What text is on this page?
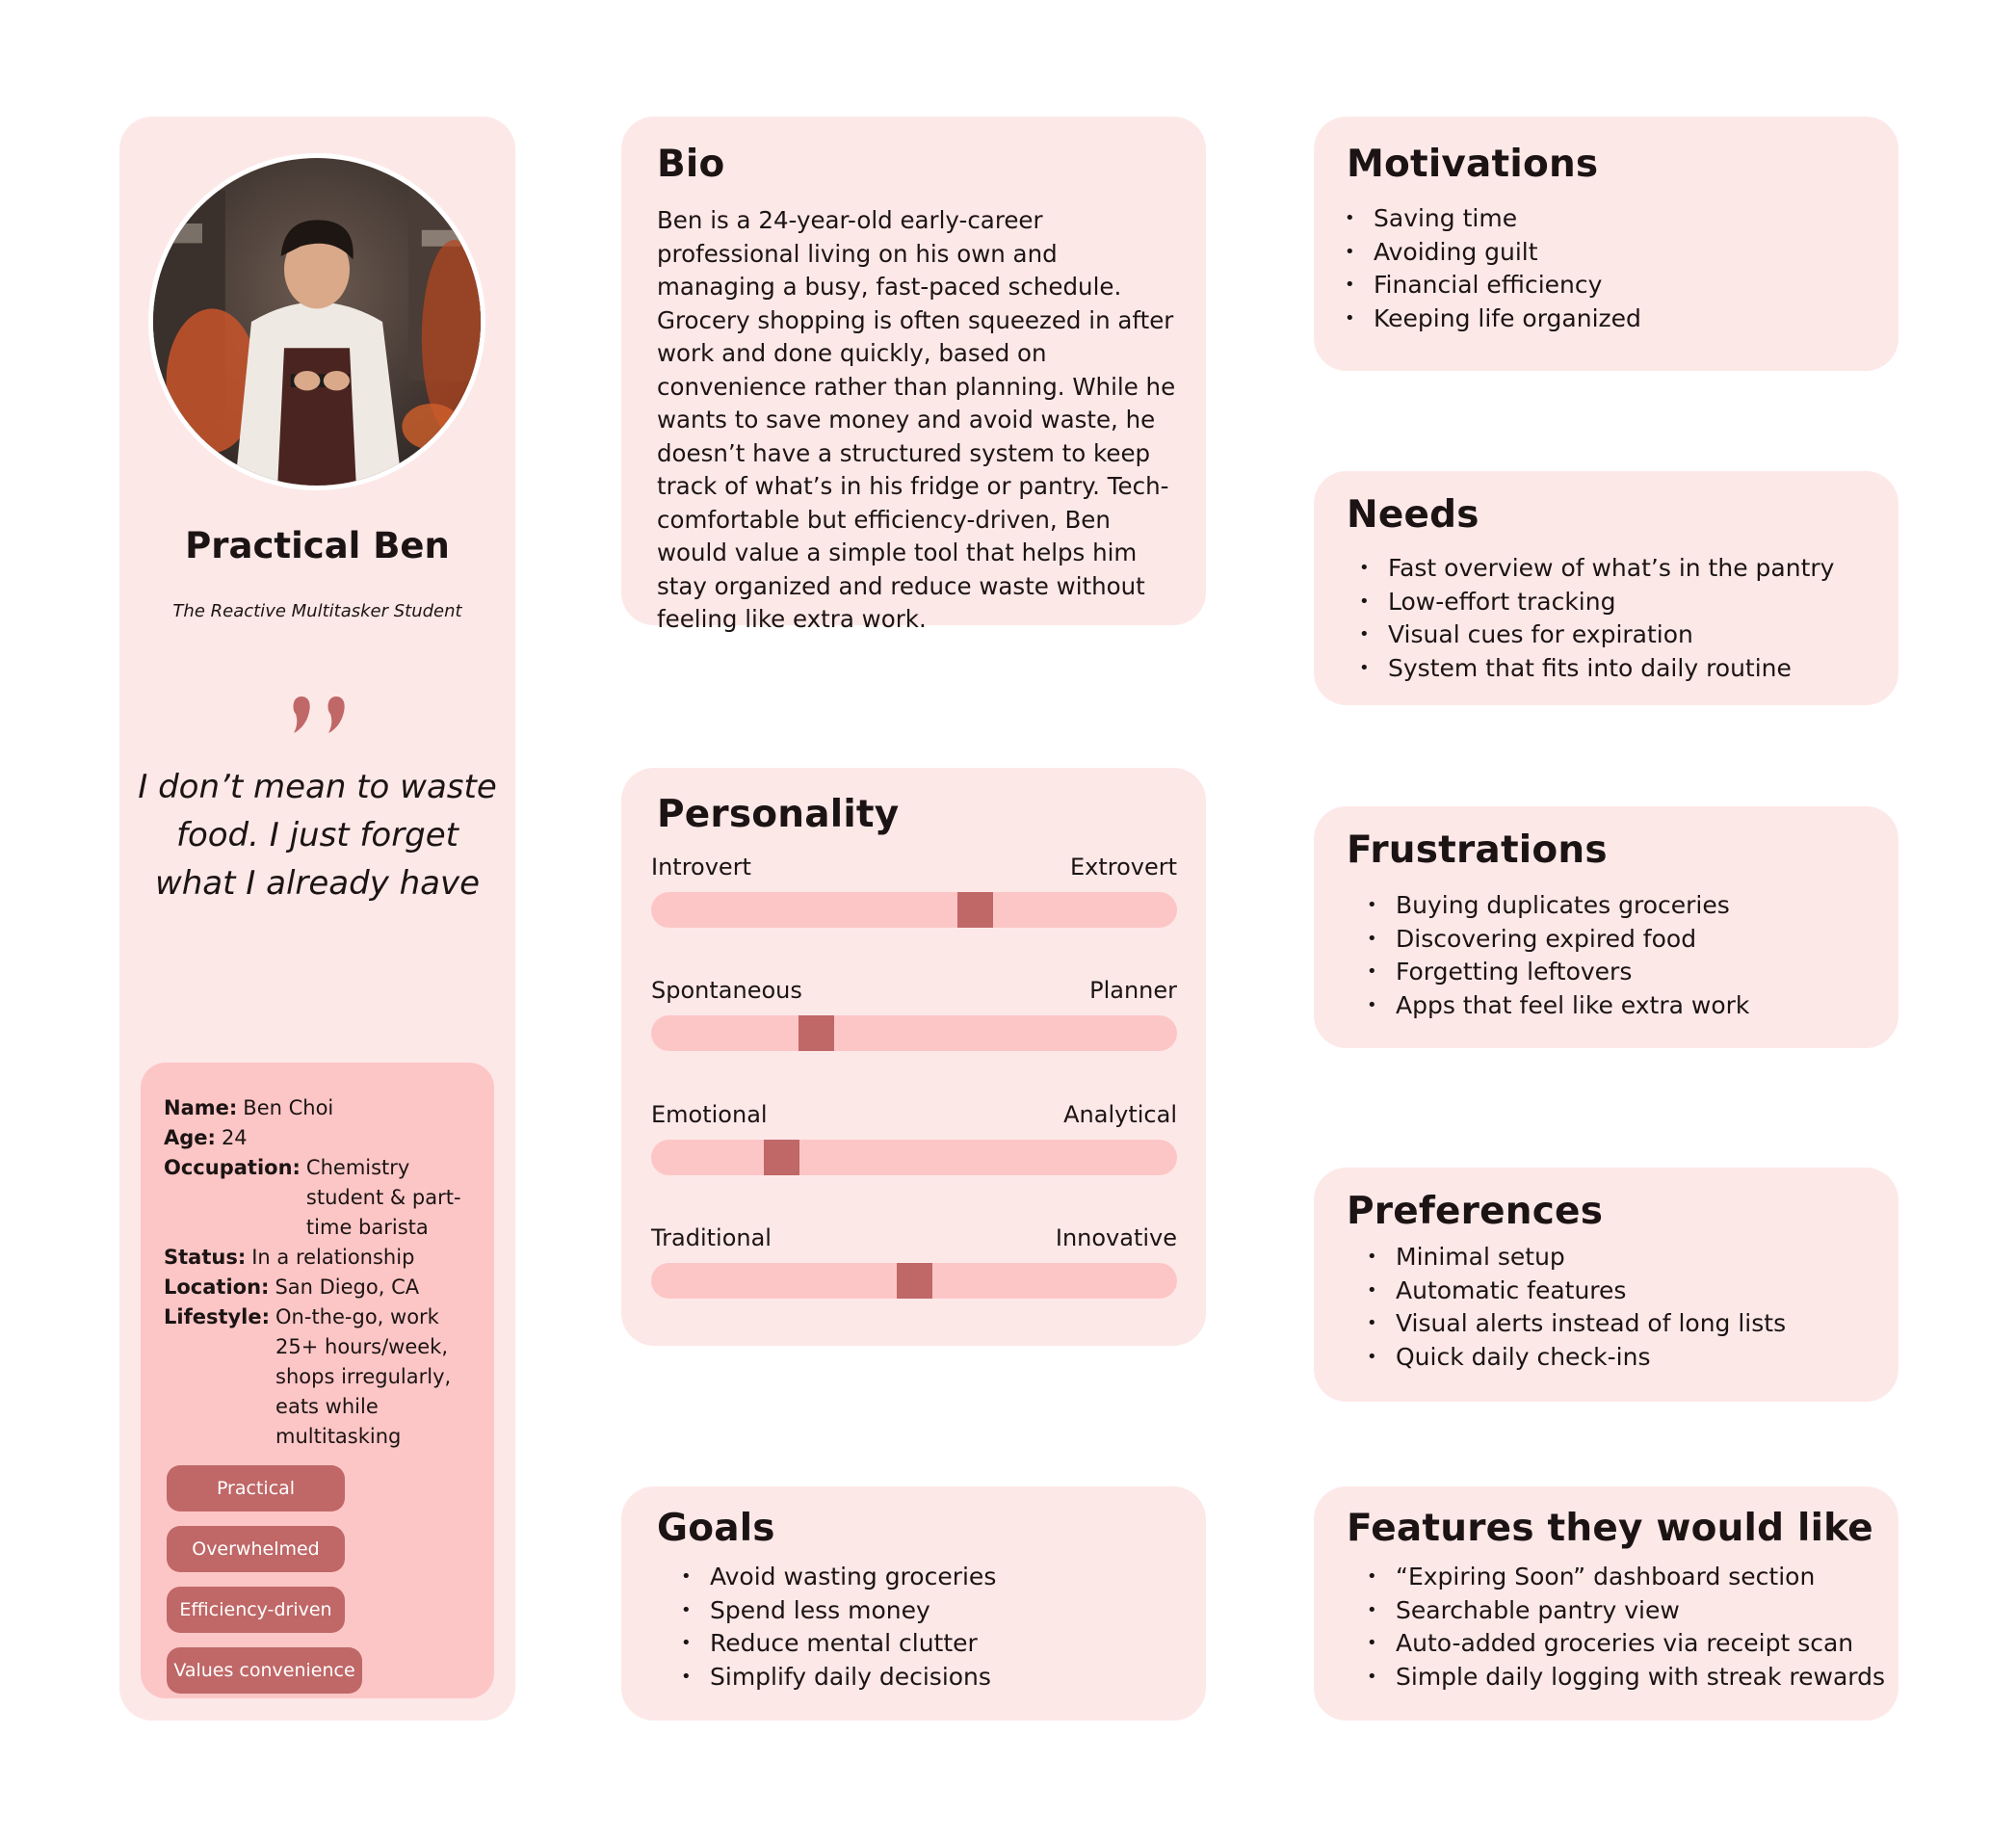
Practical Ben
The Reactive Multitasker Student
I don’t mean to waste food. I just forget what I already have
Name: Ben Choi
Age: 24
Occupation: Chemistry student & part-time barista
Status: In a relationship
Location: San Diego, CA
Lifestyle: On-the-go, work 25+ hours/week, shops irregularly, eats while multitasking
Practical
Overwhelmed
Efficiency-driven
Values convenience
Bio

Ben is a 24-year-old early-career professional living on his own and managing a busy, fast-paced schedule. Grocery shopping is often squeezed in after work and done quickly, based on convenience rather than planning. While he wants to save money and avoid waste, he doesn’t have a structured system to keep track of what’s in his fridge or pantry. Tech-comfortable but efficiency-driven, Ben would value a simple tool that helps him stay organized and reduce waste without feeling like extra work.

Personality
Introvert	Extrovert
Spontaneous	Planner
Emotional	Analytical
Traditional	Innovative
Goals
• Avoid wasting groceries
• Spend less money
• Reduce mental clutter
• Simplify daily decisions
Motivations
• Saving time
• Avoiding guilt
• Financial efficiency
• Keeping life organized
Needs
• Fast overview of what’s in the pantry
• Low-effort tracking
• Visual cues for expiration
• System that fits into daily routine
Frustrations
• Buying duplicates groceries
• Discovering expired food
• Forgetting leftovers
• Apps that feel like extra work
Preferences
• Minimal setup
• Automatic features
• Visual alerts instead of long lists
• Quick daily check-ins
Features they would like
• “Expiring Soon” dashboard section
• Searchable pantry view
• Auto-added groceries via receipt scan
• Simple daily logging with streak rewards
